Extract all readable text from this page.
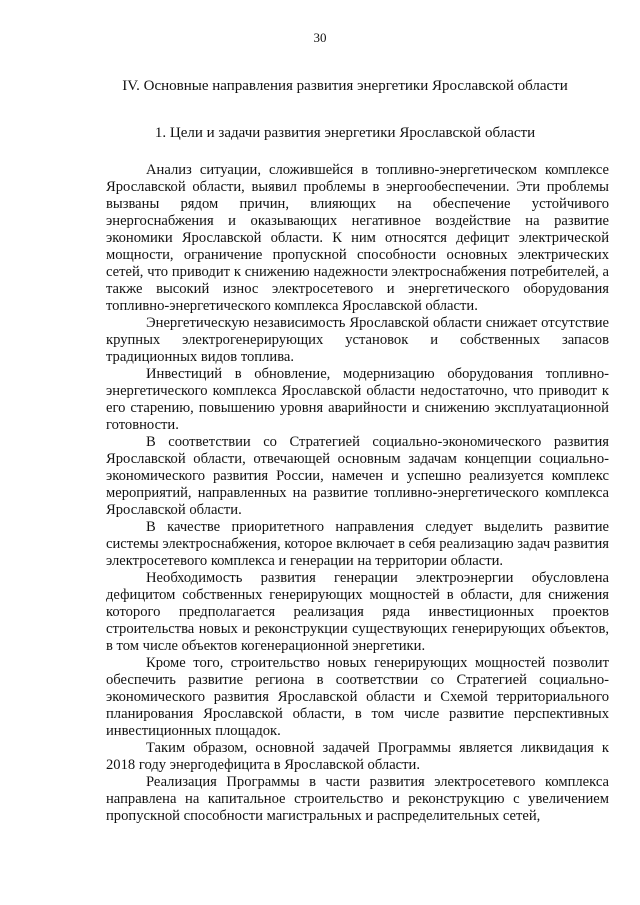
30
IV. Основные направления развития энергетики Ярославской области
1. Цели и задачи развития энергетики Ярославской области

Анализ ситуации, сложившейся в топливно-энергетическом комплексе Ярославской области, выявил проблемы в энергообеспечении. Эти проблемы вызваны рядом причин, влияющих на обеспечение устойчивого энергоснабжения и оказывающих негативное воздействие на развитие экономики Ярославской области. К ним относятся дефицит электрической мощности, ограничение пропускной способности основных электрических сетей, что приводит к снижению надежности электроснабжения потребителей, а также высокий износ электросетевого и энергетического оборудования топливно-энергетического комплекса Ярославской области.

Энергетическую независимость Ярославской области снижает отсутствие крупных электрогенерирующих установок и собственных запасов традиционных видов топлива.

Инвестиций в обновление, модернизацию оборудования топливно-энергетического комплекса Ярославской области недостаточно, что приводит к его старению, повышению уровня аварийности и снижению эксплуатационной готовности.

В соответствии со Стратегией социально-экономического развития Ярославской области, отвечающей основным задачам концепции социально-экономического развития России, намечен и успешно реализуется комплекс мероприятий, направленных на развитие топливно-энергетического комплекса Ярославской области.

В качестве приоритетного направления следует выделить развитие системы электроснабжения, которое включает в себя реализацию задач развития электросетевого комплекса и генерации на территории области.

Необходимость развития генерации электроэнергии обусловлена дефицитом собственных генерирующих мощностей в области, для снижения которого предполагается реализация ряда инвестиционных проектов строительства новых и реконструкции существующих генерирующих объектов, в том числе объектов когенерационной энергетики.

Кроме того, строительство новых генерирующих мощностей позволит обеспечить развитие региона в соответствии со Стратегией социально-экономического развития Ярославской области и Схемой территориального планирования Ярославской области, в том числе развитие перспективных инвестиционных площадок.

Таким образом, основной задачей Программы является ликвидация к 2018 году энергодефицита в Ярославской области.

Реализация Программы в части развития электросетевого комплекса направлена на капитальное строительство и реконструкцию с увеличением пропускной способности магистральных и распределительных сетей,
